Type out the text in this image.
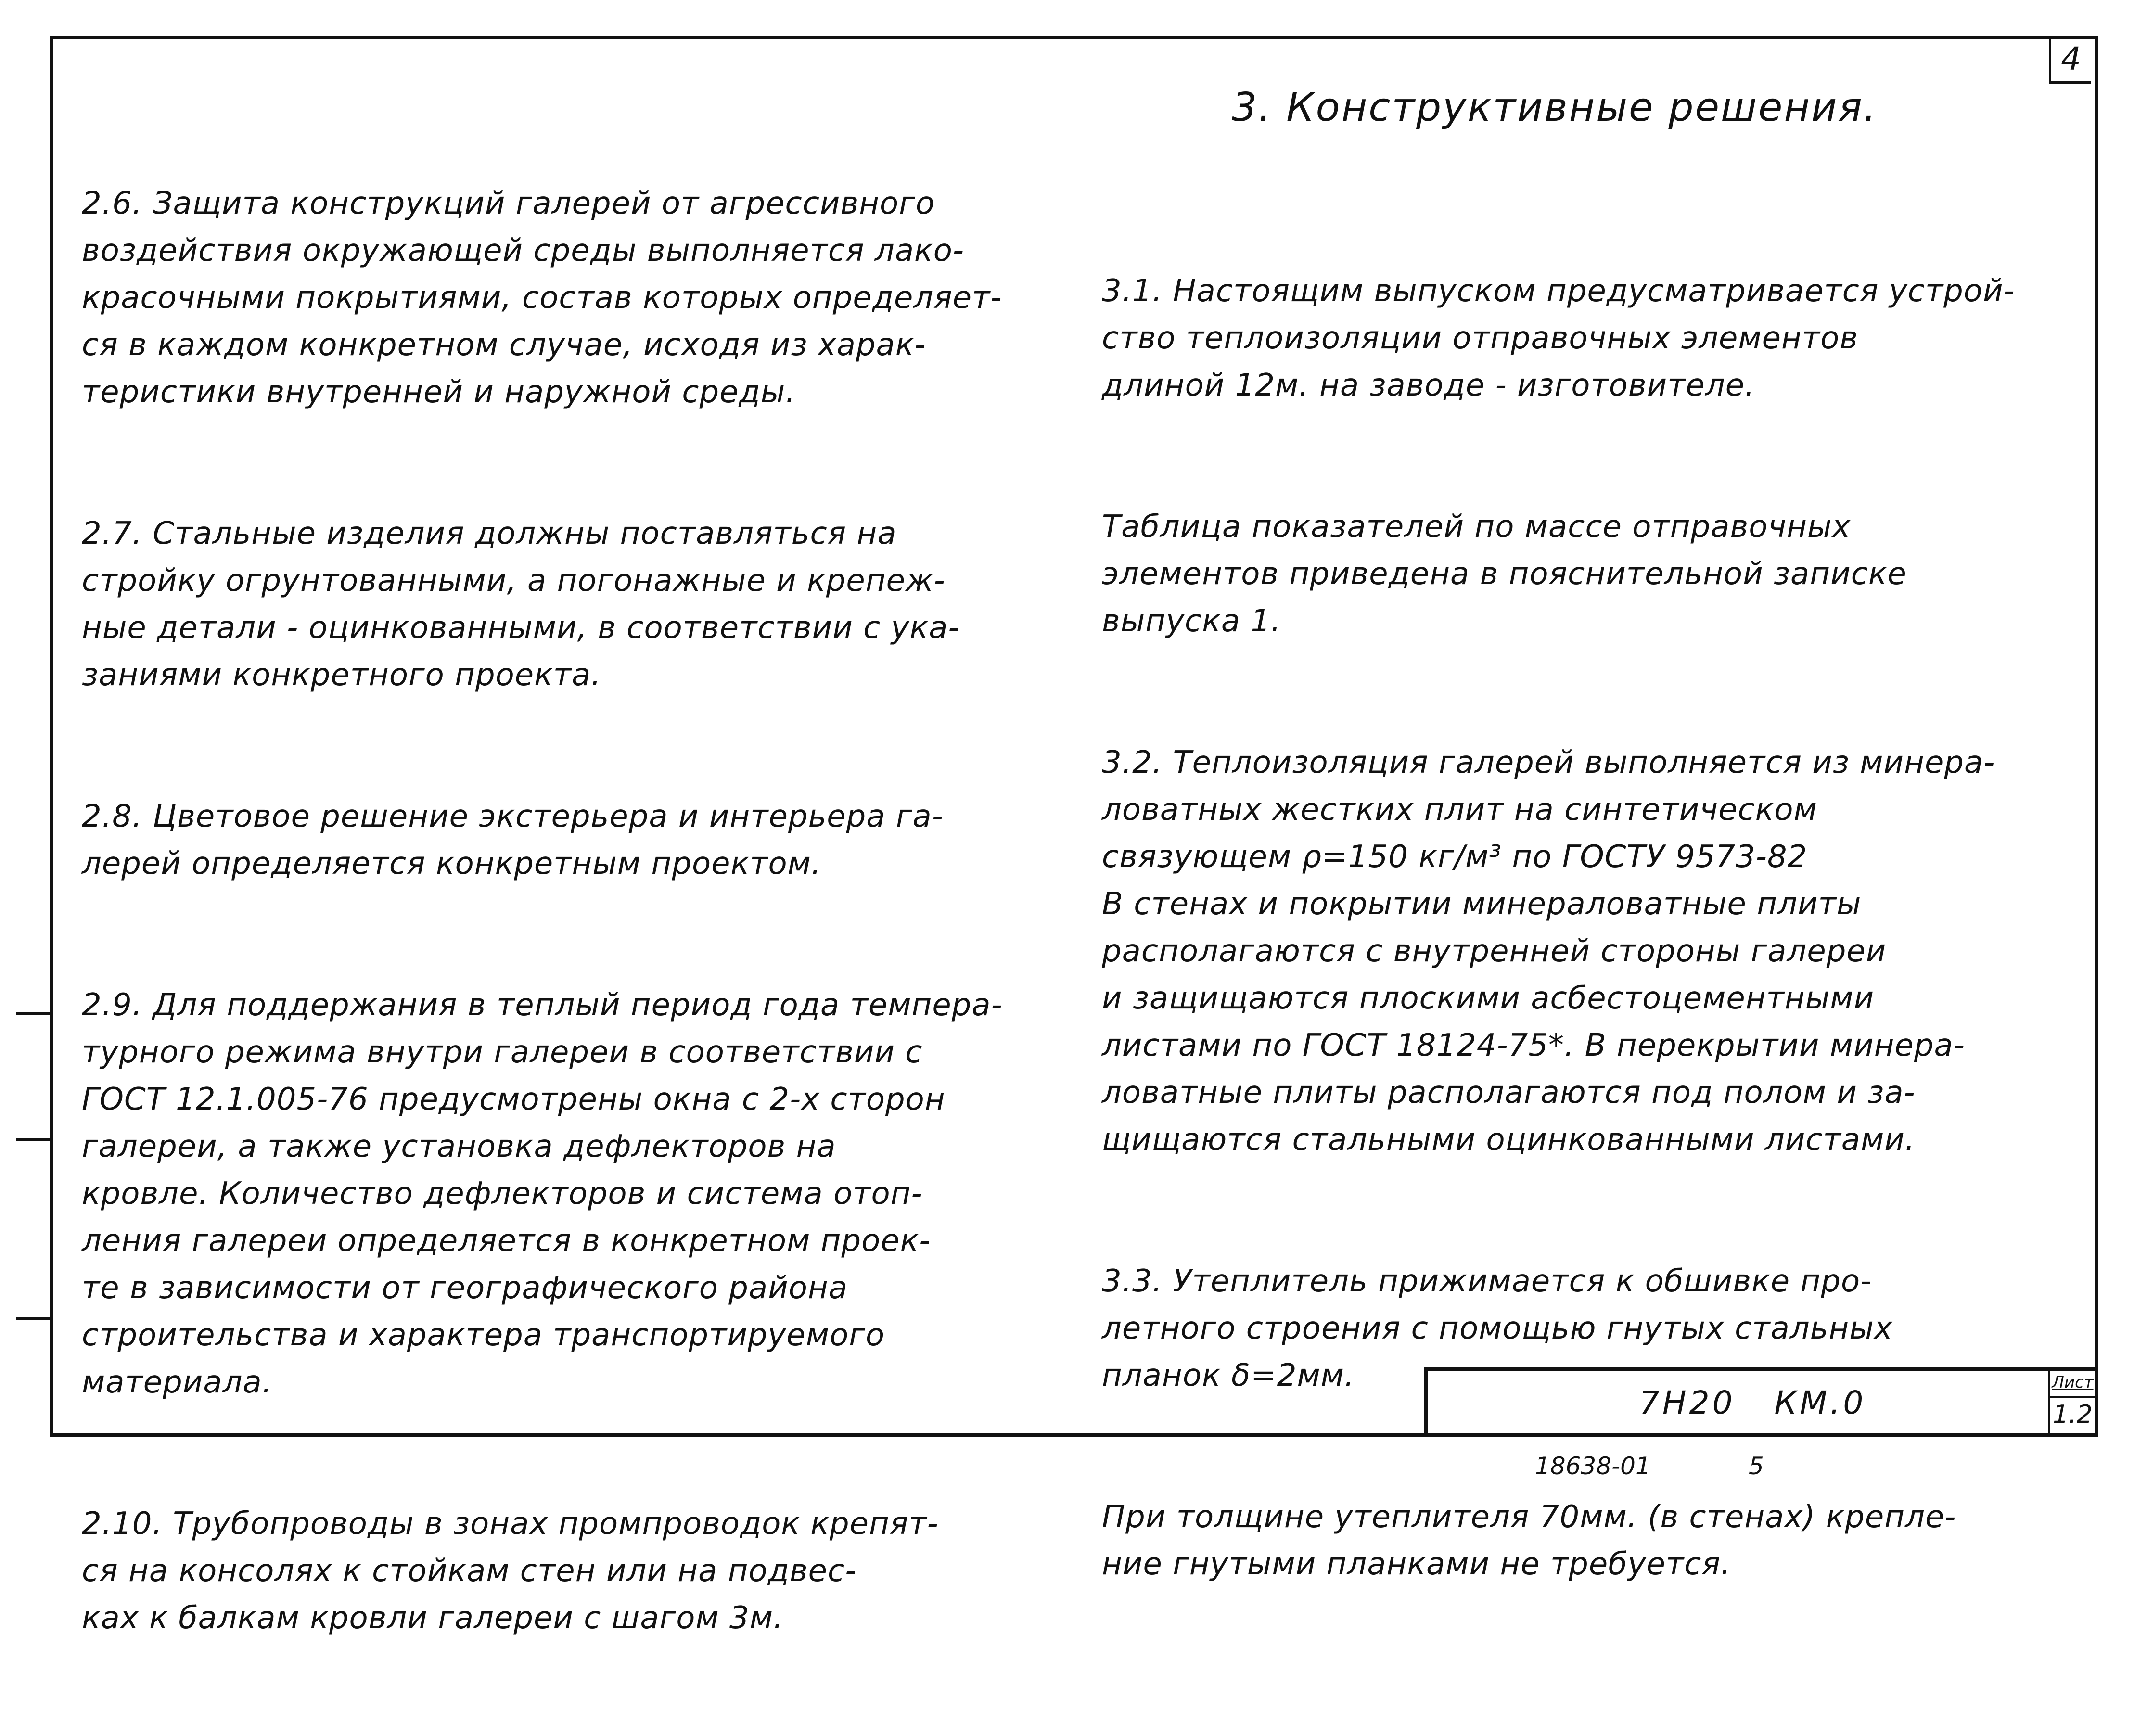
4

2.6. Защита конструкций галерей от агрессивного
воздействия окружающей среды выполняется лако-
красочными покрытиями, состав которых определяет-
ся в каждом конкретном случае, исходя из харак-
теристики внутренней и наружной среды.

2.7. Стальные изделия должны поставляться на
стройку огрунтованными, а погонажные и крепеж-
ные детали - оцинкованными, в соответствии с ука-
заниями конкретного проекта.

2.8. Цветовое решение экстерьера и интерьера га-
лерей определяется конкретным проектом.

2.9. Для поддержания в теплый период года темпера-
турного режима внутри галереи в соответствии с
ГОСТ 12.1.005-76 предусмотрены окна с 2-х сторон
галереи, а также установка дефлекторов на
кровле. Количество дефлекторов и система отоп-
ления галереи определяется в конкретном проек-
те в зависимости от географического района
строительства и характера транспортируемого
материала.

2.10. Трубопроводы в зонах промпроводок крепят-
ся на консолях к стойкам стен или на подвес-
ках к балкам кровли галереи с шагом 3м.

3. Конструктивные решения.

3.1. Настоящим выпуском предусматривается устрой-
ство теплоизоляции отправочных элементов
длиной 12м. на заводе - изготовителе.

Таблица показателей по массе отправочных
элементов приведена в пояснительной записке
выпуска 1.

3.2. Теплоизоляция галерей выполняется из минера-
ловатных жестких плит на синтетическом
связующем ρ=150 кг/м³ по ГОСТУ 9573-82
В стенах и покрытии минераловатные плиты
располагаются с внутренней стороны галереи
и защищаются плоскими асбестоцементными
листами по ГОСТ 18124-75*. В перекрытии минера-
ловатные плиты располагаются под полом и за-
щищаются стальными оцинкованными листами.

3.3. Утеплитель прижимается к обшивке про-
летного строения с помощью гнутых стальных
планок δ=2мм.

При толщине утеплителя 70мм. (в стенах) крепле-
ние гнутыми планками не требуется.

7Н20   КМ.0
Лист
1.2
18638-01	5
